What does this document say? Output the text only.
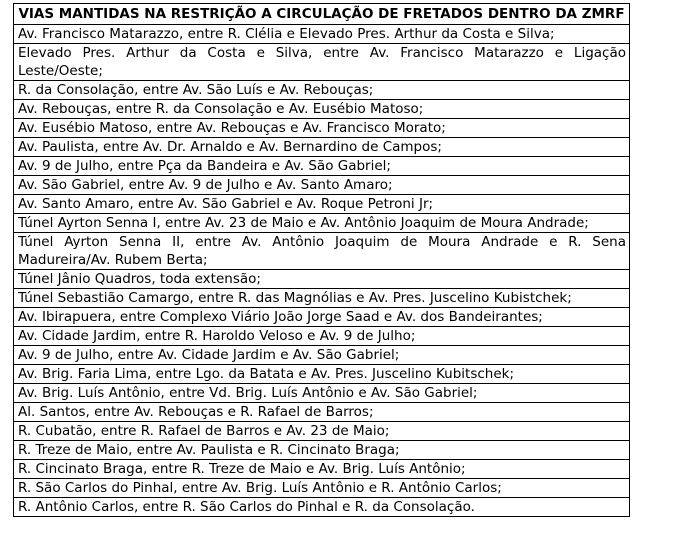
VIAS MANTIDAS NA RESTRIÇÃO A CIRCULAÇÃO DE FRETADOS DENTRO DA ZMRF
Av. Francisco Matarazzo, entre R. Clélia e Elevado Pres. Arthur da Costa e Silva;
Elevado Pres. Arthur da Costa e Silva, entre Av. Francisco Matarazzo e Ligação Leste/Oeste;
R. da Consolação, entre Av. São Luís e Av. Rebouças;
Av. Rebouças, entre R. da Consolação e Av. Eusébio Matoso;
Av. Eusébio Matoso, entre Av. Rebouças e Av. Francisco Morato;
Av. Paulista, entre Av. Dr. Arnaldo e Av. Bernardino de Campos;
Av. 9 de Julho, entre Pça da Bandeira e Av. São Gabriel;
Av. São Gabriel, entre Av. 9 de Julho e Av. Santo Amaro;
Av. Santo Amaro, entre Av. São Gabriel e Av. Roque Petroni Jr;
Túnel Ayrton Senna I, entre Av. 23 de Maio e Av. Antônio Joaquim de Moura Andrade;
Túnel Ayrton Senna II, entre Av. Antônio Joaquim de Moura Andrade e R. Sena Madureira/Av. Rubem Berta;
Túnel Jânio Quadros, toda extensão;
Túnel Sebastião Camargo, entre R. das Magnólias e Av. Pres. Juscelino Kubistchek;
Av. Ibirapuera, entre Complexo Viário João Jorge Saad e Av. dos Bandeirantes;
Av. Cidade Jardim, entre R. Haroldo Veloso e Av. 9 de Julho;
Av. 9 de Julho, entre Av. Cidade Jardim e Av. São Gabriel;
Av. Brig. Faria Lima, entre Lgo. da Batata e Av. Pres. Juscelino Kubitschek;
Av. Brig. Luís Antônio, entre Vd. Brig. Luís Antônio e Av. São Gabriel;
Al. Santos, entre Av. Rebouças e R. Rafael de Barros;
R. Cubatão, entre R. Rafael de Barros e Av. 23 de Maio;
R. Treze de Maio, entre Av. Paulista e R. Cincinato Braga;
R. Cincinato Braga, entre R. Treze de Maio e Av. Brig. Luís Antônio;
R. São Carlos do Pinhal, entre Av. Brig. Luís Antônio e R. Antônio Carlos;
R. Antônio Carlos, entre R. São Carlos do Pinhal e R. da Consolação.
